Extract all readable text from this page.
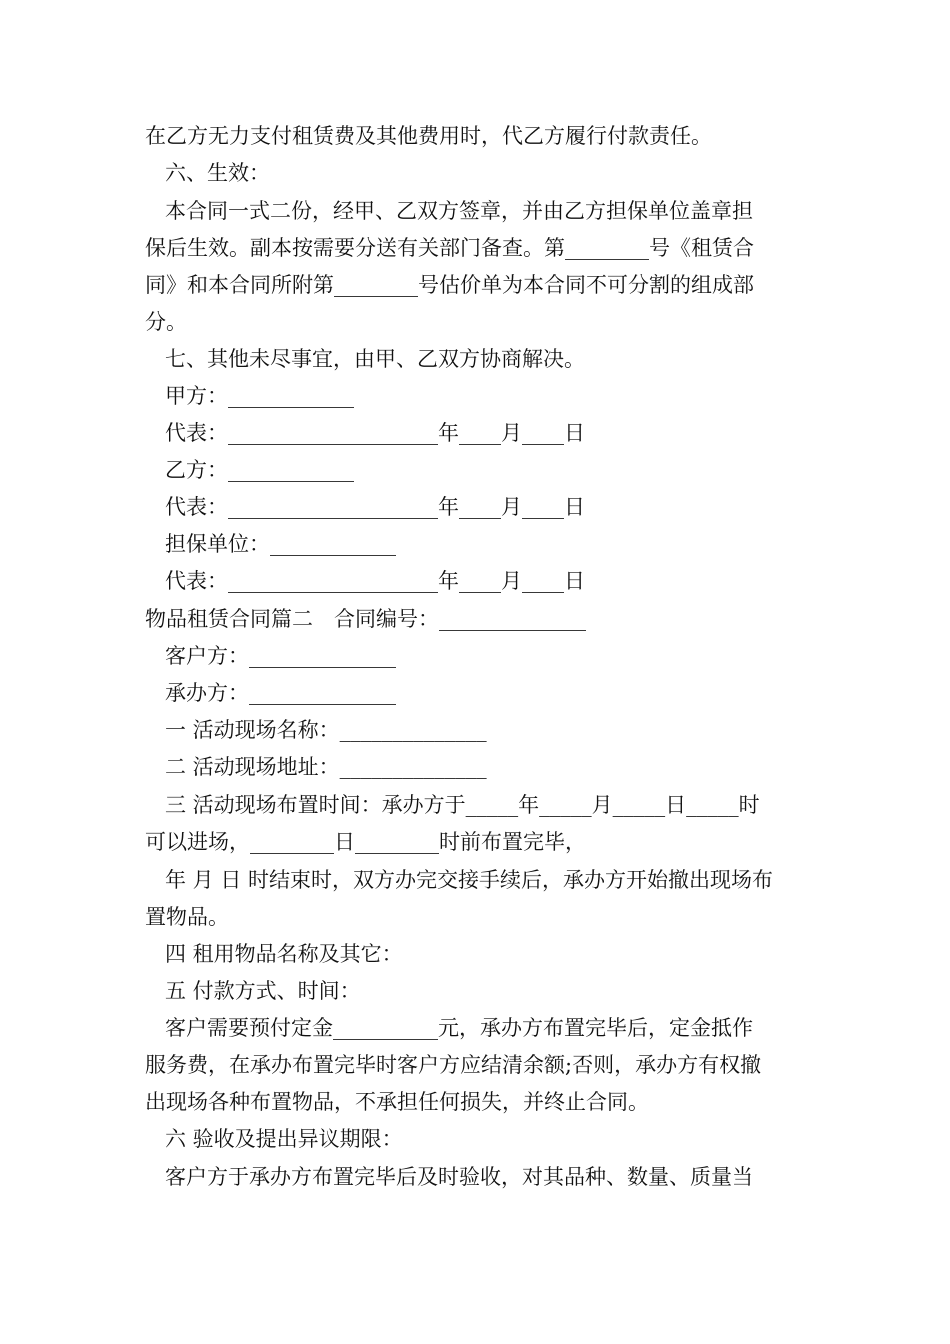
在乙方无力支付租赁费及其他费用时，代乙方履行付款责任。
六、生效：
本合同一式二份，经甲、乙双方签章，并由乙方担保单位盖章担
保后生效。副本按需要分送有关部门备查。第________号《租赁合
同》和本合同所附第________号估价单为本合同不可分割的组成部
分。
七、其他未尽事宜，由甲、乙双方协商解决。
甲方：____________
代表：____________________年____月____日
乙方：____________
代表：____________________年____月____日
担保单位：____________
代表：____________________年____月____日
物品租赁合同篇二　合同编号：______________
客户方：______________
承办方：______________
一 活动现场名称：______________
二 活动现场地址：______________
三 活动现场布置时间：承办方于_____年_____月_____日_____时
可以进场，________日________时前布置完毕，
年 月 日 时结束时，双方办完交接手续后，承办方开始撤出现场布
置物品。
四 租用物品名称及其它：
五 付款方式、时间：
客户需要预付定金__________元，承办方布置完毕后，定金抵作
服务费，在承办布置完毕时客户方应结清余额;否则，承办方有权撤
出现场各种布置物品，不承担任何损失，并终止合同。
六 验收及提出异议期限：
客户方于承办方布置完毕后及时验收，对其品种、数量、质量当
